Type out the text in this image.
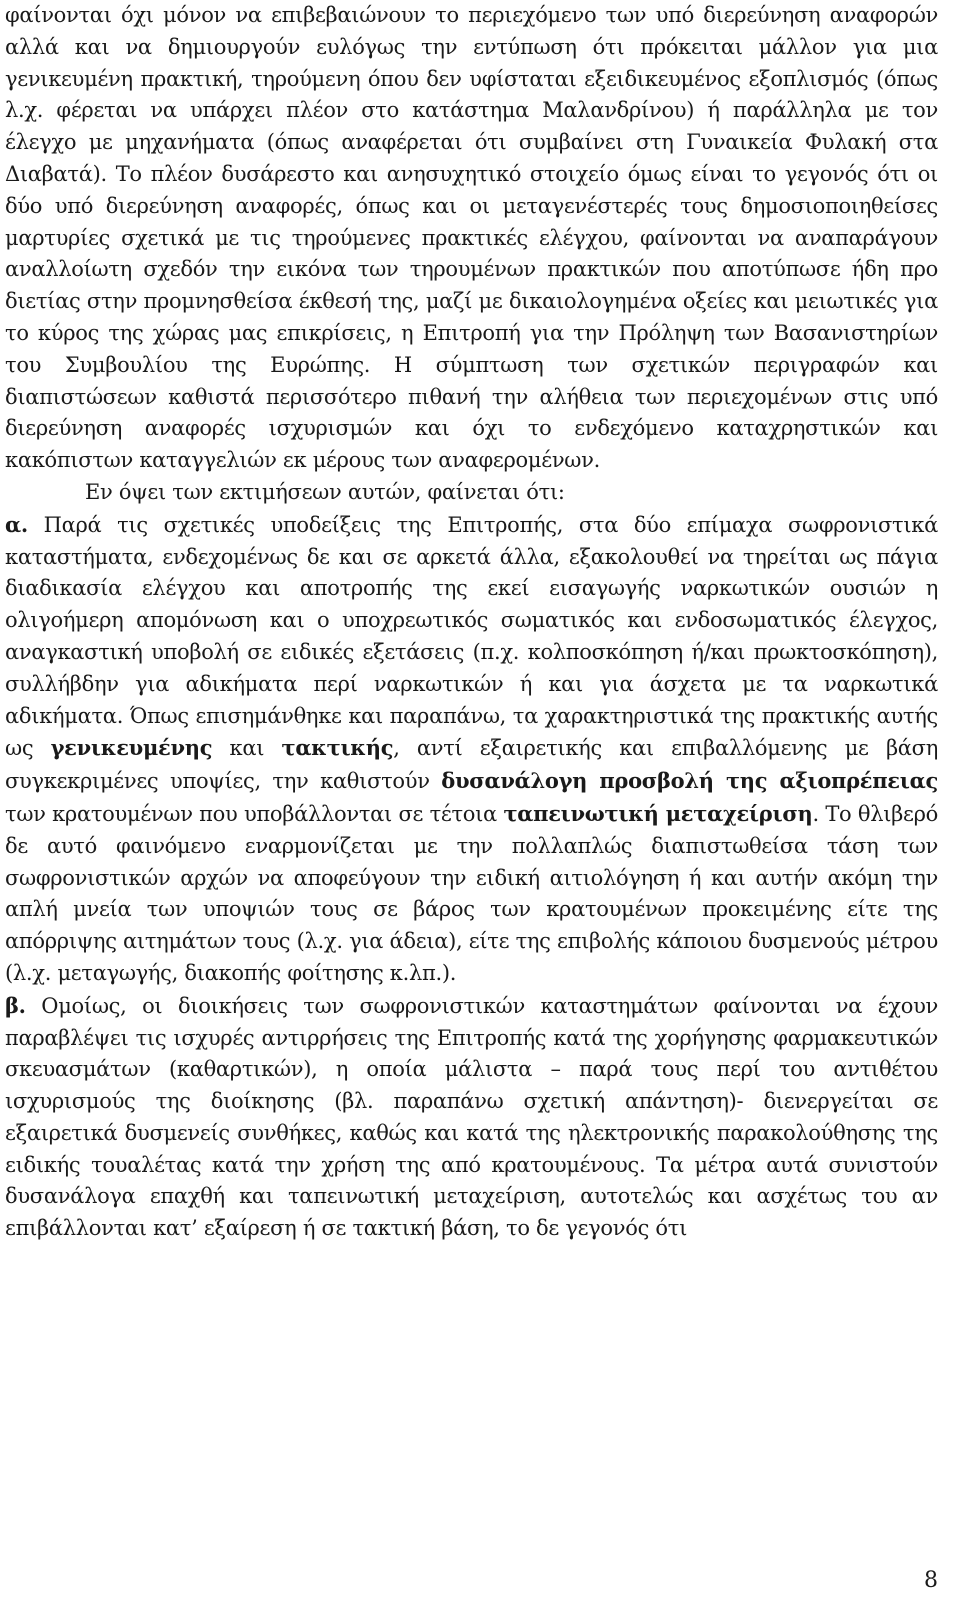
φαίνονται όχι μόνον να επιβεβαιώνουν το περιεχόμενο των υπό διερεύνηση αναφορών αλλά και να δημιουργούν ευλόγως την εντύπωση ότι πρόκειται μάλλον για μια γενικευμένη πρακτική, τηρούμενη όπου δεν υφίσταται εξειδικευμένος εξοπλισμός (όπως λ.χ. φέρεται να υπάρχει πλέον στο κατάστημα Μαλανδρίνου) ή παράλληλα με τον έλεγχο με μηχανήματα (όπως αναφέρεται ότι συμβαίνει στη Γυναικεία Φυλακή στα Διαβατά). Το πλέον δυσάρεστο και ανησυχητικό στοιχείο όμως είναι το γεγονός ότι οι δύο υπό διερεύνηση αναφορές, όπως και οι μεταγενέστερές τους δημοσιοποιηθείσες μαρτυρίες σχετικά με τις τηρούμενες πρακτικές ελέγχου, φαίνονται να αναπαράγουν αναλλοίωτη σχεδόν την εικόνα των τηρουμένων πρακτικών που αποτύπωσε ήδη προ διετίας στην προμνησθείσα έκθεσή της, μαζί με δικαιολογημένα οξείες και μειωτικές για το κύρος της χώρας μας επικρίσεις, η Επιτροπή για την Πρόληψη των Βασανιστηρίων του Συμβουλίου της Ευρώπης. Η σύμπτωση των σχετικών περιγραφών και διαπιστώσεων καθιστά περισσότερο πιθανή την αλήθεια των περιεχομένων στις υπό διερεύνηση αναφορές ισχυρισμών και όχι το ενδεχόμενο καταχρηστικών και κακόπιστων καταγγελιών εκ μέρους των αναφερομένων.

Εν όψει των εκτιμήσεων αυτών, φαίνεται ότι:

α. Παρά τις σχετικές υποδείξεις της Επιτροπής, στα δύο επίμαχα σωφρονιστικά καταστήματα, ενδεχομένως δε και σε αρκετά άλλα, εξακολουθεί να τηρείται ως πάγια διαδικασία ελέγχου και αποτροπής της εκεί εισαγωγής ναρκωτικών ουσιών η ολιγοήμερη απομόνωση και ο υποχρεωτικός σωματικός και ενδοσωματικός έλεγχος, αναγκαστική υποβολή σε ειδικές εξετάσεις (π.χ. κολποσκόπηση ή/και πρωκτοσκόπηση), συλλήβδην για αδικήματα περί ναρκωτικών ή και για άσχετα με τα ναρκωτικά αδικήματα. Όπως επισημάνθηκε και παραπάνω, τα χαρακτηριστικά της πρακτικής αυτής ως γενικευμένης και τακτικής, αντί εξαιρετικής και επιβαλλόμενης με βάση συγκεκριμένες υποψίες, την καθιστούν δυσανάλογη προσβολή της αξιοπρέπειας των κρατουμένων που υποβάλλονται σε τέτοια ταπεινωτική μεταχείριση. Το θλιβερό δε αυτό φαινόμενο εναρμονίζεται με την πολλαπλώς διαπιστωθείσα τάση των σωφρονιστικών αρχών να αποφεύγουν την ειδική αιτιολόγηση ή και αυτήν ακόμη την απλή μνεία των υποψιών τους σε βάρος των κρατουμένων προκειμένης είτε της απόρριψης αιτημάτων τους (λ.χ. για άδεια), είτε της επιβολής κάποιου δυσμενούς μέτρου (λ.χ. μεταγωγής, διακοπής φοίτησης κ.λπ.).

β. Ομοίως, οι διοικήσεις των σωφρονιστικών καταστημάτων φαίνονται να έχουν παραβλέψει τις ισχυρές αντιρρήσεις της Επιτροπής κατά της χορήγησης φαρμακευτικών σκευασμάτων (καθαρτικών), η οποία μάλιστα – παρά τους περί του αντιθέτου ισχυρισμούς της διοίκησης (βλ. παραπάνω σχετική απάντηση)- διενεργείται σε εξαιρετικά δυσμενείς συνθήκες, καθώς και κατά της ηλεκτρονικής παρακολούθησης της ειδικής τουαλέτας κατά την χρήση της από κρατουμένους. Τα μέτρα αυτά συνιστούν δυσανάλογα επαχθή και ταπεινωτική μεταχείριση, αυτοτελώς και ασχέτως του αν επιβάλλονται κατ’ εξαίρεση ή σε τακτική βάση, το δε γεγονός ότι

8
